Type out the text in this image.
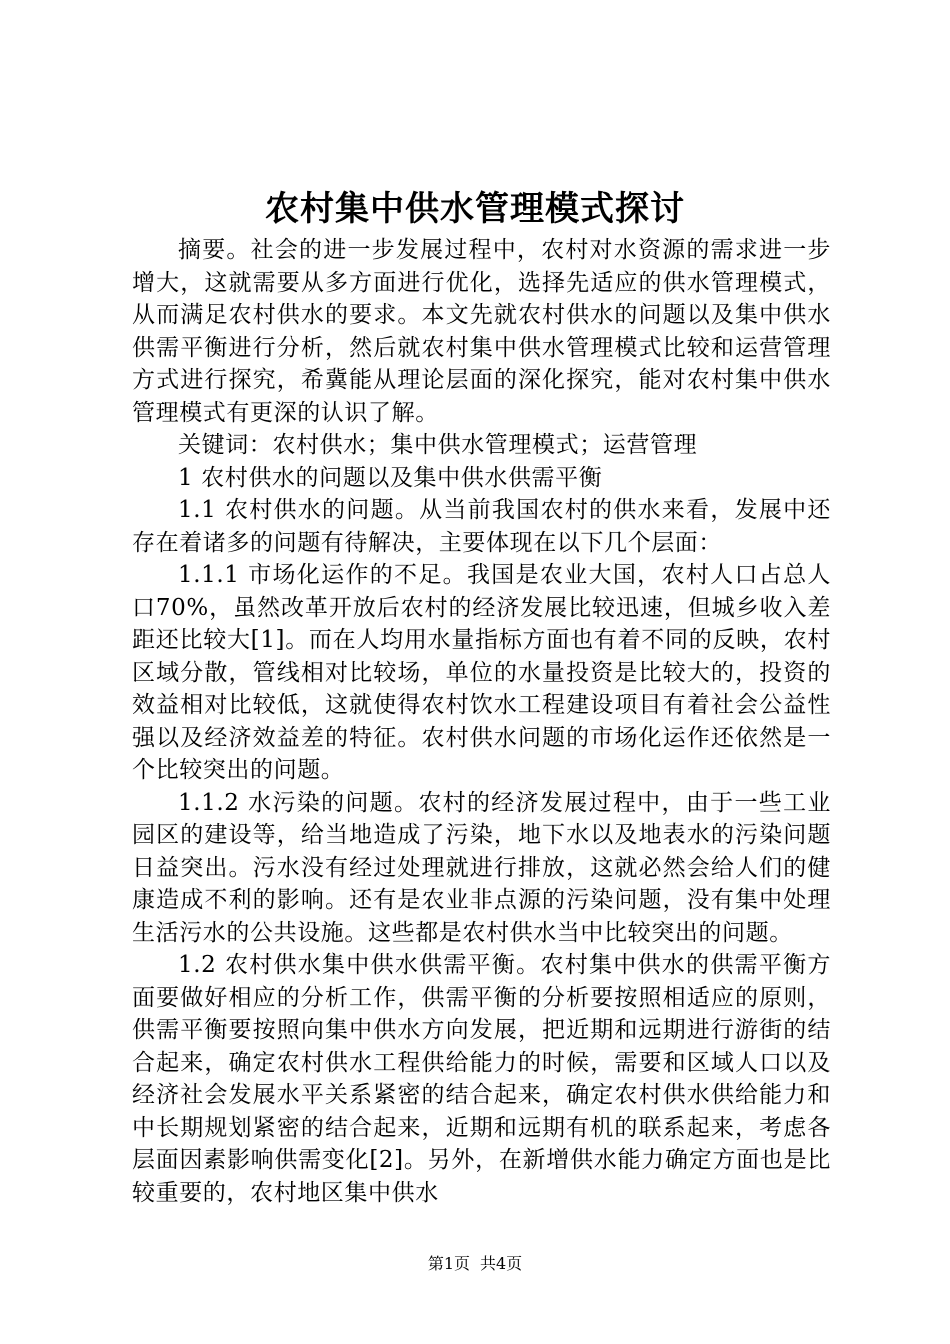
农村集中供水管理模式探讨

摘要。社会的进一步发展过程中，农村对水资源的需求进一步增大，这就需要从多方面进行优化，选择先适应的供水管理模式，从而满足农村供水的要求。本文先就农村供水的问题以及集中供水供需平衡进行分析，然后就农村集中供水管理模式比较和运营管理方式进行探究，希冀能从理论层面的深化探究，能对农村集中供水管理模式有更深的认识了解。

关键词：农村供水；集中供水管理模式；运营管理

1 农村供水的问题以及集中供水供需平衡

1.1 农村供水的问题。从当前我国农村的供水来看，发展中还存在着诸多的问题有待解决，主要体现在以下几个层面：

1.1.1 市场化运作的不足。我国是农业大国，农村人口占总人口70%，虽然改革开放后农村的经济发展比较迅速，但城乡收入差距还比较大[1]。而在人均用水量指标方面也有着不同的反映，农村区域分散，管线相对比较场，单位的水量投资是比较大的，投资的效益相对比较低，这就使得农村饮水工程建设项目有着社会公益性强以及经济效益差的特征。农村供水问题的市场化运作还依然是一个比较突出的问题。

1.1.2 水污染的问题。农村的经济发展过程中，由于一些工业园区的建设等，给当地造成了污染，地下水以及地表水的污染问题日益突出。污水没有经过处理就进行排放，这就必然会给人们的健康造成不利的影响。还有是农业非点源的污染问题，没有集中处理生活污水的公共设施。这些都是农村供水当中比较突出的问题。

1.2 农村供水集中供水供需平衡。农村集中供水的供需平衡方面要做好相应的分析工作，供需平衡的分析要按照相适应的原则，供需平衡要按照向集中供水方向发展，把近期和远期进行游街的结合起来，确定农村供水工程供给能力的时候，需要和区域人口以及经济社会发展水平关系紧密的结合起来，确定农村供水供给能力和中长期规划紧密的结合起来，近期和远期有机的联系起来，考虑各层面因素影响供需变化[2]。另外，在新增供水能力确定方面也是比较重要的，农村地区集中供水

第1页 共4页
